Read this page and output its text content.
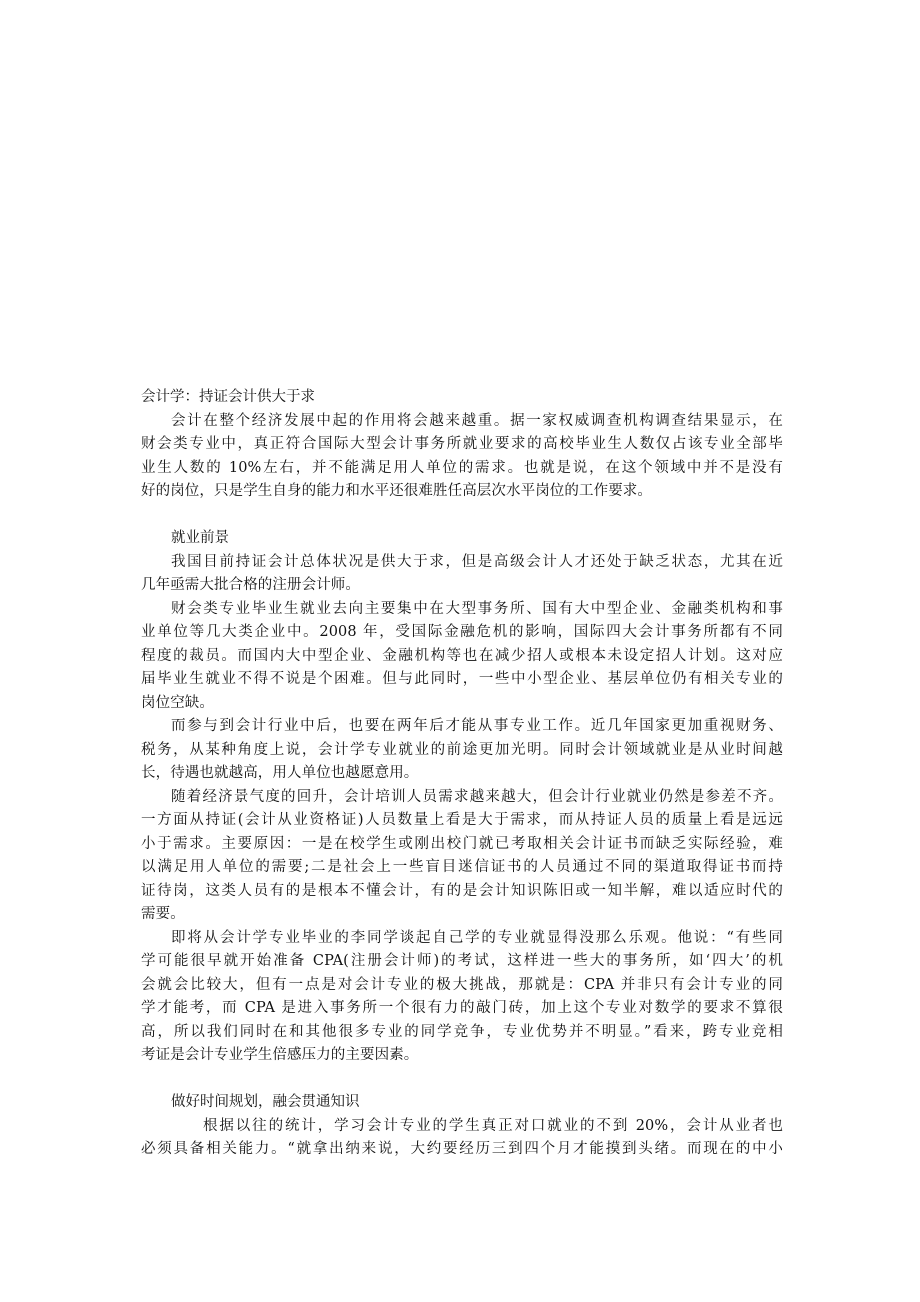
会计学：持证会计供大于求
会计在整个经济发展中起的作用将会越来越重。据一家权威调查机构调查结果显示，在
财会类专业中，真正符合国际大型会计事务所就业要求的高校毕业生人数仅占该专业全部毕
业生人数的 10%左右，并不能满足用人单位的需求。也就是说，在这个领域中并不是没有
好的岗位，只是学生自身的能力和水平还很难胜任高层次水平岗位的工作要求。
就业前景
我国目前持证会计总体状况是供大于求，但是高级会计人才还处于缺乏状态，尤其在近
几年亟需大批合格的注册会计师。
财会类专业毕业生就业去向主要集中在大型事务所、国有大中型企业、金融类机构和事
业单位等几大类企业中。2008 年，受国际金融危机的影响，国际四大会计事务所都有不同
程度的裁员。而国内大中型企业、金融机构等也在减少招人或根本未设定招人计划。这对应
届毕业生就业不得不说是个困难。但与此同时，一些中小型企业、基层单位仍有相关专业的
岗位空缺。
而参与到会计行业中后，也要在两年后才能从事专业工作。近几年国家更加重视财务、
税务，从某种角度上说，会计学专业就业的前途更加光明。同时会计领域就业是从业时间越
长，待遇也就越高，用人单位也越愿意用。
随着经济景气度的回升，会计培训人员需求越来越大，但会计行业就业仍然是参差不齐。
一方面从持证(会计从业资格证)人员数量上看是大于需求，而从持证人员的质量上看是远远
小于需求。主要原因：一是在校学生或刚出校门就已考取相关会计证书而缺乏实际经验，难
以满足用人单位的需要;二是社会上一些盲目迷信证书的人员通过不同的渠道取得证书而持
证待岗，这类人员有的是根本不懂会计，有的是会计知识陈旧或一知半解，难以适应时代的
需要。
即将从会计学专业毕业的李同学谈起自己学的专业就显得没那么乐观。他说：“有些同
学可能很早就开始准备 CPA(注册会计师)的考试，这样进一些大的事务所，如‘四大’的机
会就会比较大，但有一点是对会计专业的极大挑战，那就是：CPA 并非只有会计专业的同
学才能考，而 CPA 是进入事务所一个很有力的敲门砖，加上这个专业对数学的要求不算很
高，所以我们同时在和其他很多专业的同学竞争，专业优势并不明显。”看来，跨专业竞相
考证是会计专业学生倍感压力的主要因素。
做好时间规划，融会贯通知识
根据以往的统计，学习会计专业的学生真正对口就业的不到 20%，会计从业者也
必须具备相关能力。“就拿出纳来说，大约要经历三到四个月才能摸到头绪。而现在的中小
